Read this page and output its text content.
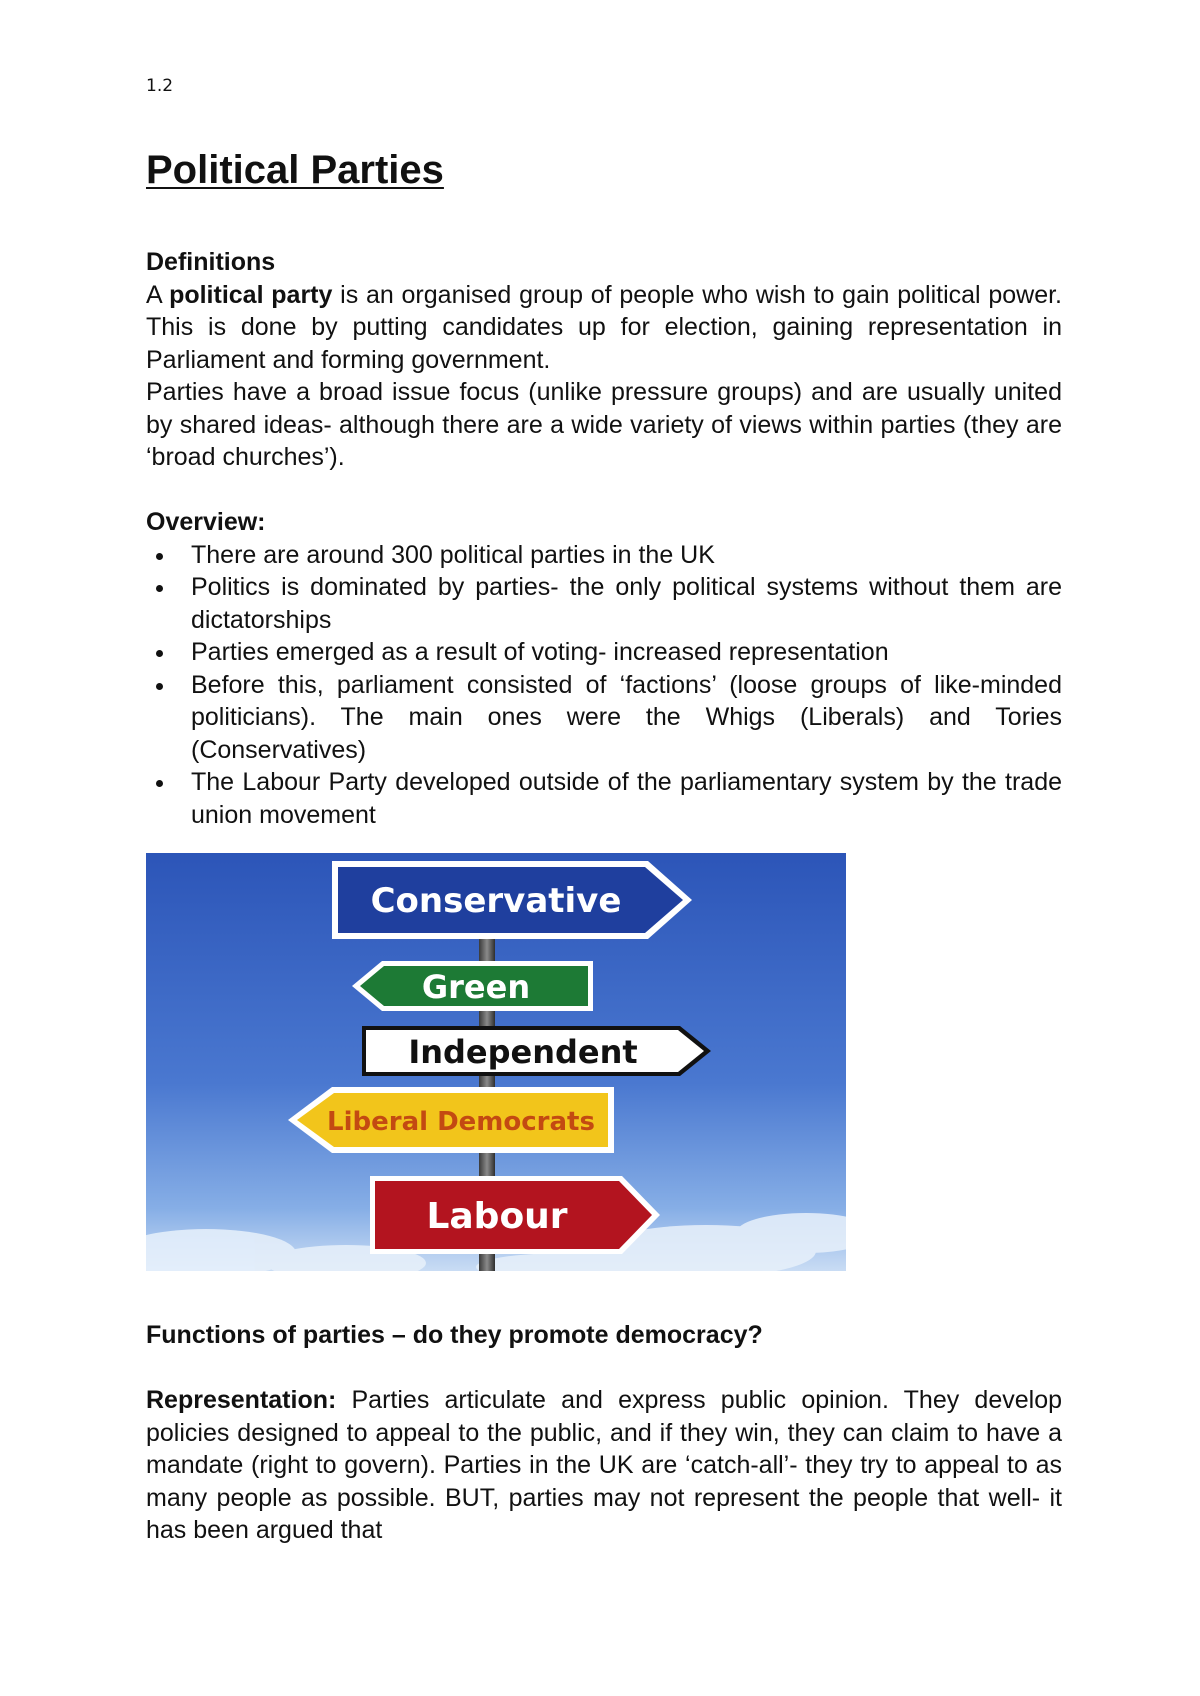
1.2
Political Parties
Definitions

A political party is an organised group of people who wish to gain political power. This is done by putting candidates up for election, gaining representation in Parliament and forming government.

Parties have a broad issue focus (unlike pressure groups) and are usually united by shared ideas- although there are a wide variety of views within parties (they are ‘broad churches’).

Overview:
There are around 300 political parties in the UK
Politics is dominated by parties- the only political systems without them are dictatorships
Parties emerged as a result of voting- increased representation
Before this, parliament consisted of ‘factions’ (loose groups of like-minded politicians). The main ones were the Whigs (Liberals) and Tories (Conservatives)
The Labour Party developed outside of the parliamentary system by the trade union movement
Conservative
Green
Independent
Liberal Democrats
Labour
Functions of parties – do they promote democracy?

Representation: Parties articulate and express public opinion. They develop policies designed to appeal to the public, and if they win, they can claim to have a mandate (right to govern). Parties in the UK are ‘catch-all’- they try to appeal to as many people as possible. BUT, parties may not represent the people that well- it has been argued that
